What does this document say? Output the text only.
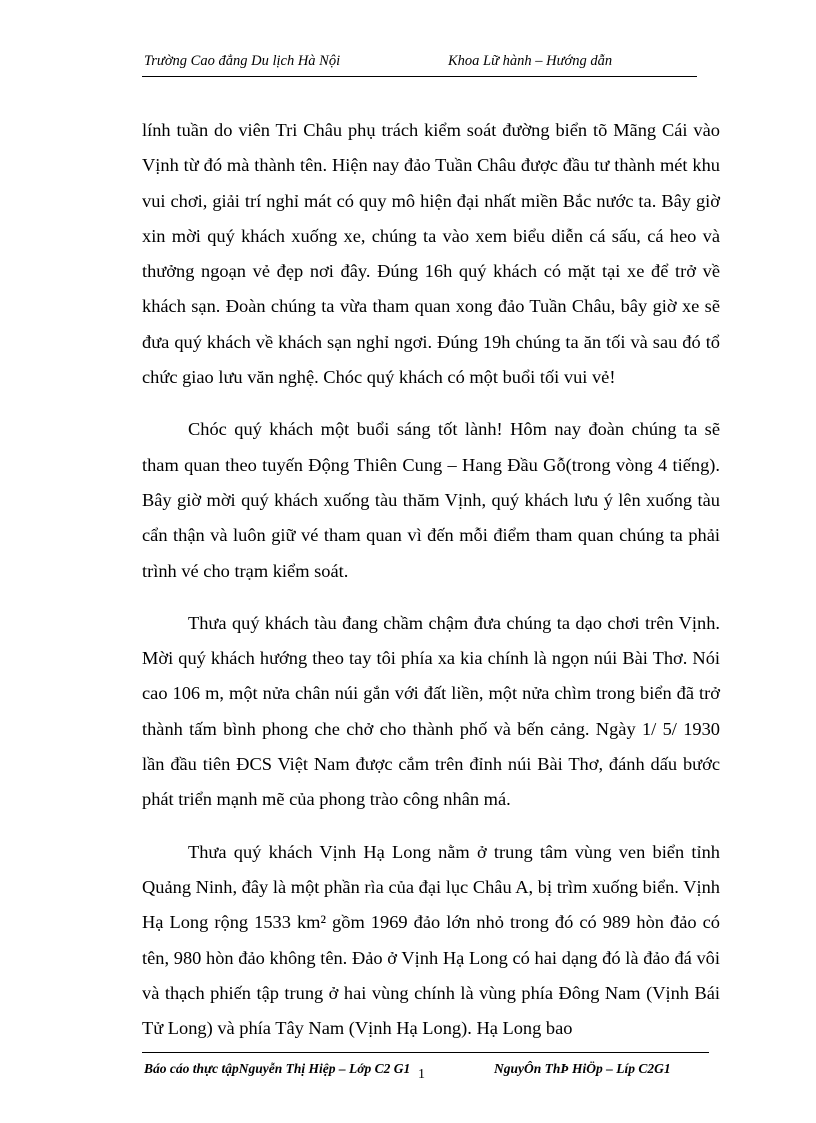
Trường Cao đẳng Du lịch Hà Nội	Khoa Lữ hành – Hướng dẫn

lính tuần do viên Tri Châu phụ trách kiểm soát đường biển tõ Mãng Cái vào Vịnh từ đó mà thành tên. Hiện nay đảo Tuần Châu được đầu tư thành mét khu vui chơi, giải trí nghỉ mát có quy mô hiện đại nhất miền Bắc nước ta. Bây giờ xin mời quý khách xuống xe, chúng ta vào xem biểu diễn cá sấu, cá heo và thưởng ngoạn vẻ đẹp nơi đây. Đúng 16h quý khách có mặt tại xe để trở về khách sạn. Đoàn chúng ta vừa tham quan xong đảo Tuần Châu, bây giờ xe sẽ đưa quý khách về khách sạn nghỉ ngơi. Đúng 19h chúng ta ăn tối và sau đó tổ chức giao lưu văn nghệ. Chóc quý khách có một buổi tối vui vẻ!

Chóc quý khách một buổi sáng tốt lành! Hôm nay đoàn chúng ta sẽ tham quan theo tuyến Động Thiên Cung – Hang Đầu Gỗ(trong vòng 4 tiếng). Bây giờ mời quý khách xuống tàu thăm Vịnh, quý khách lưu ý lên xuống tàu cẩn thận và luôn giữ vé tham quan vì đến mỗi điểm tham quan chúng ta phải trình vé cho trạm kiểm soát.

Thưa quý khách tàu đang chầm chậm đưa chúng ta dạo chơi trên Vịnh. Mời quý khách hướng theo tay tôi phía xa kia chính là ngọn núi Bài Thơ. Nói cao 106 m, một nửa chân núi gắn với đất liền, một nửa chìm trong biển đã trở thành tấm bình phong che chở cho thành phố và bến cảng. Ngày 1/ 5/ 1930 lần đầu tiên ĐCS Việt Nam được cắm trên đỉnh núi Bài Thơ, đánh dấu bước phát triển mạnh mẽ của phong trào công nhân má.

Thưa quý khách Vịnh Hạ Long nằm ở trung tâm vùng ven biển tỉnh Quảng Ninh, đây là một phần rìa của đại lục Châu A, bị trìm xuống biển. Vịnh Hạ Long rộng 1533 km² gồm 1969 đảo lớn nhỏ trong đó có 989 hòn đảo có tên, 980 hòn đảo không tên. Đảo ở Vịnh Hạ Long có hai dạng đó là đảo đá vôi và thạch phiến tập trung ở hai vùng chính là vùng phía Đông Nam (Vịnh Bái Tử Long) và phía Tây Nam (Vịnh Hạ Long). Hạ Long bao

Báo cáo thực tậpNguyễn Thị Hiệp – Lớp C2 G1 1	NguyÔn ThÞ HiÖp – Líp C2G1
